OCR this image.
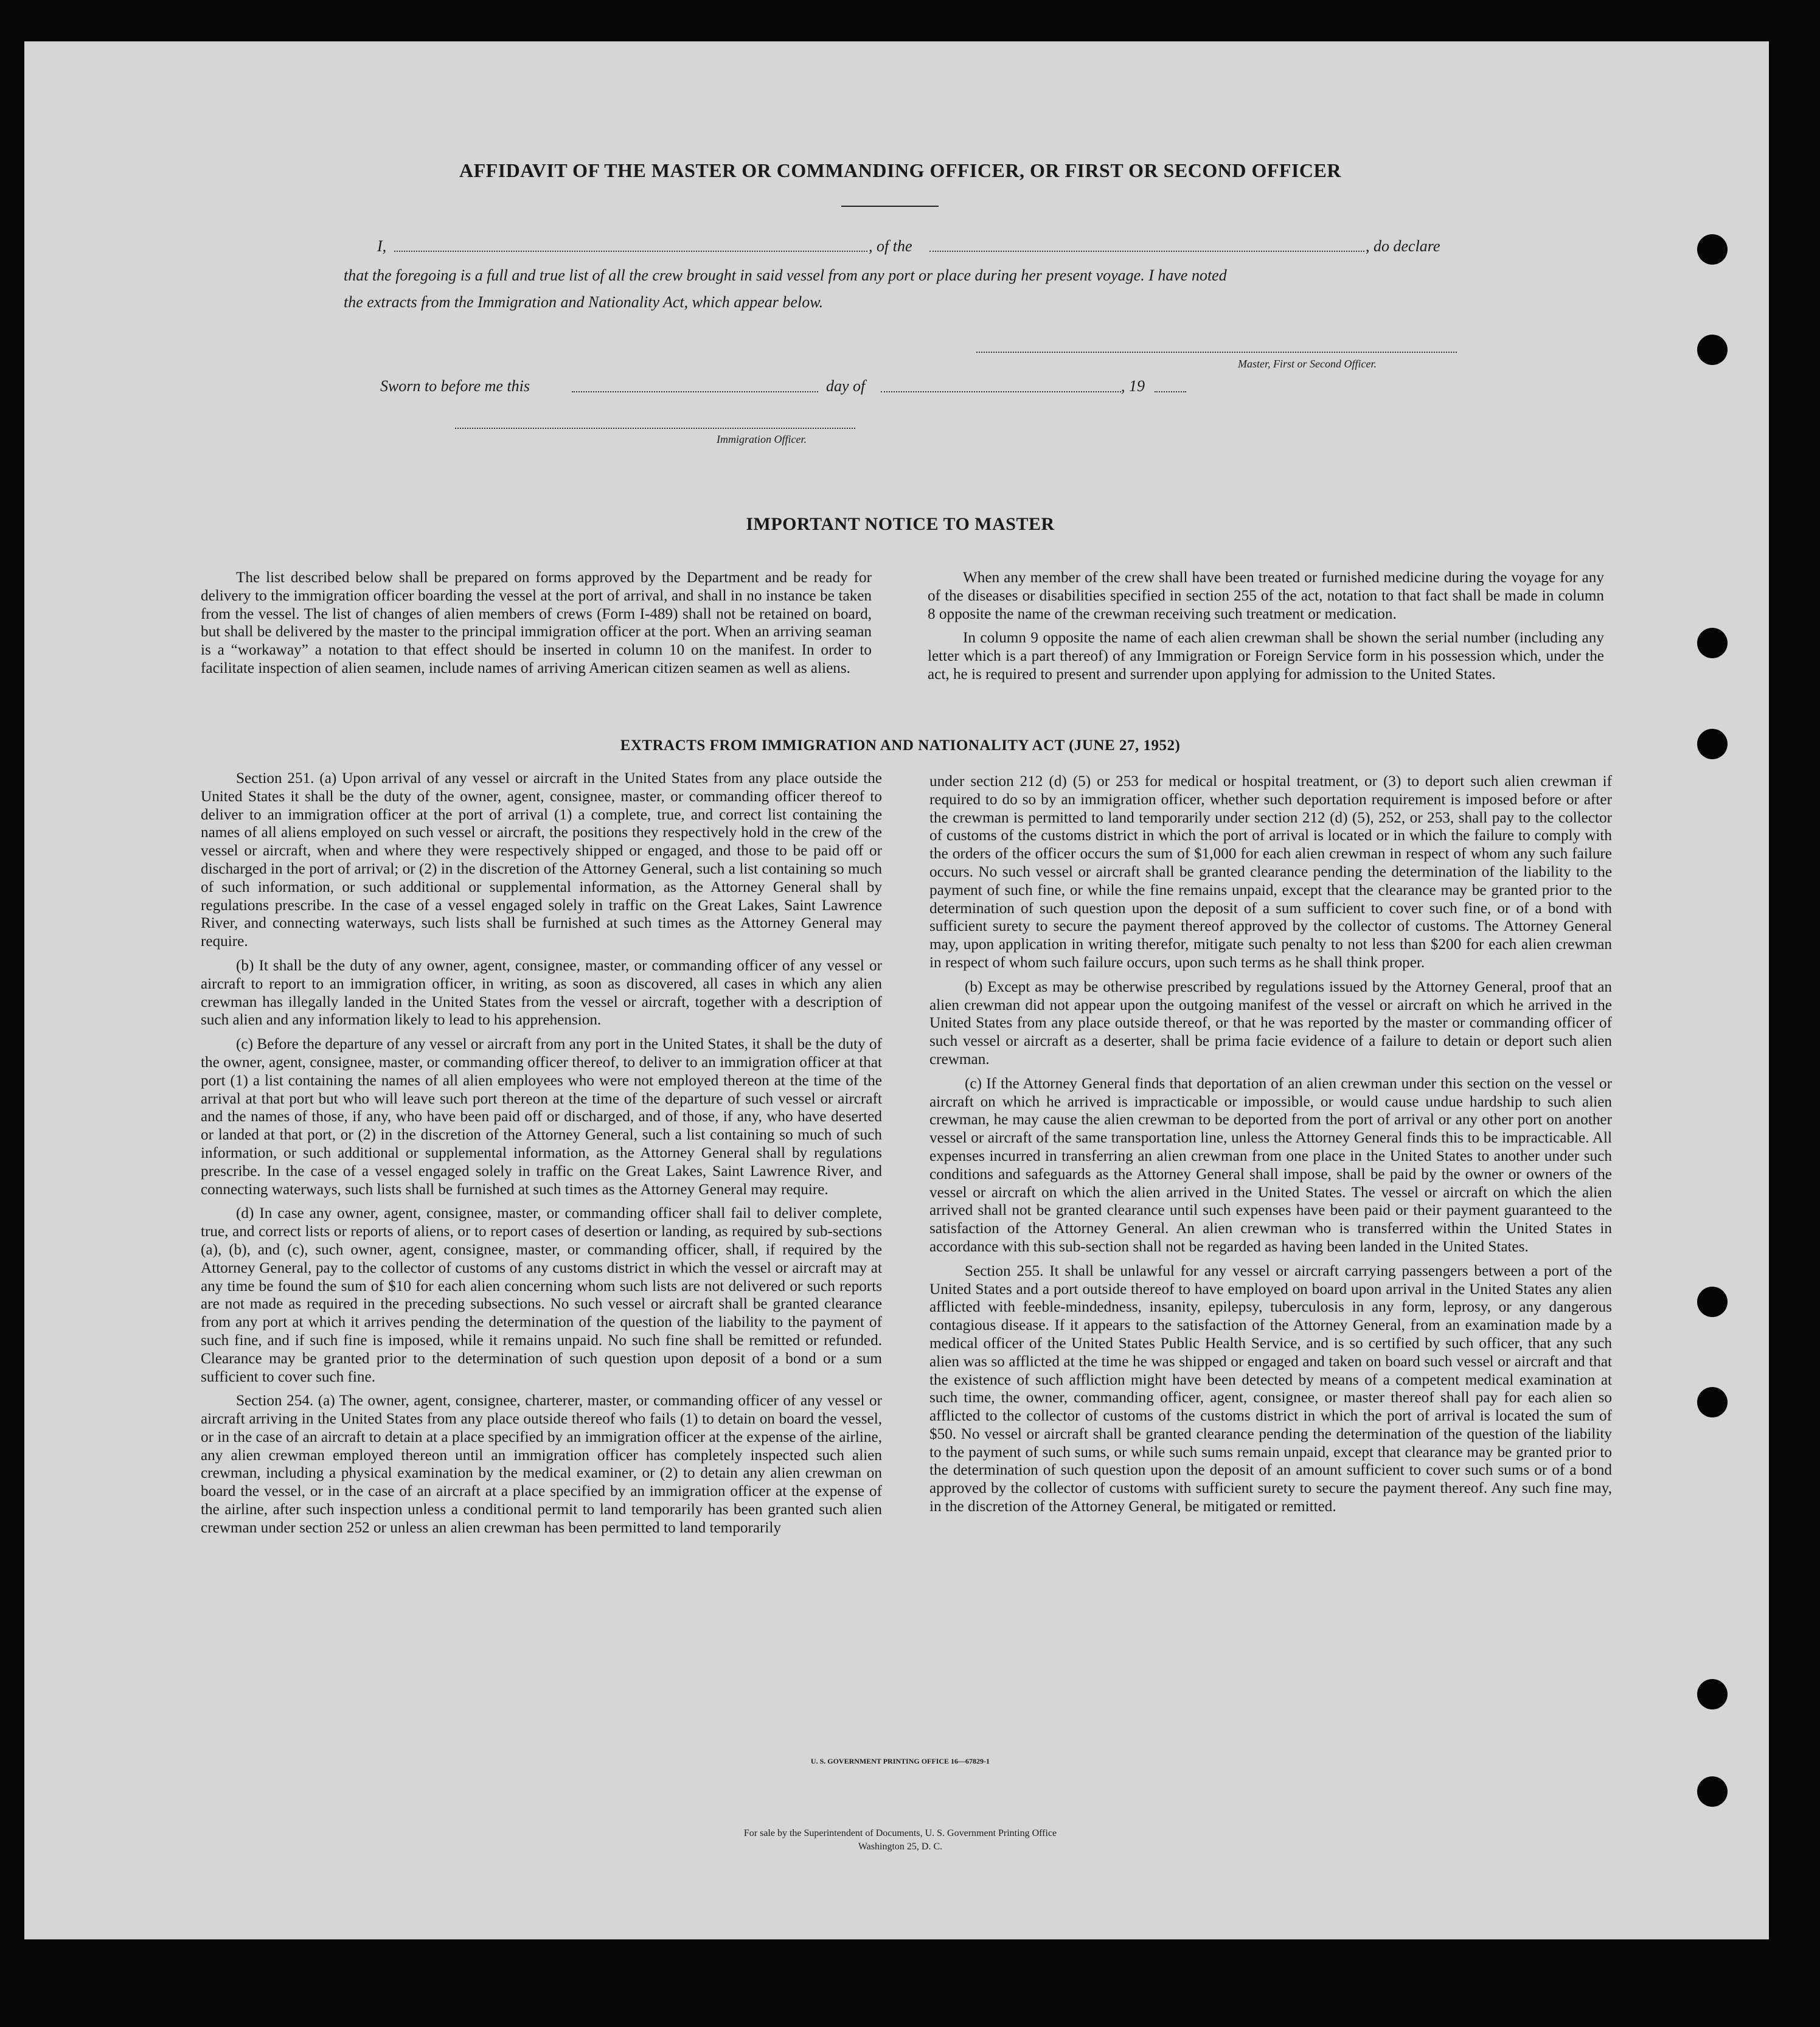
AFFIDAVIT OF THE MASTER OR COMMANDING OFFICER, OR FIRST OR SECOND OFFICER
I,	, of the	, do declare
that the foregoing is a full and true list of all the crew brought in said vessel from any port or place during her present voyage. I have noted
the extracts from the Immigration and Nationality Act, which appear below.
Master, First or Second Officer.
Sworn to before me this	day of	, 19
Immigration Officer.
IMPORTANT NOTICE TO MASTER

The list described below shall be prepared on forms approved by the Department and be ready for delivery to the immigration officer boarding the vessel at the port of arrival, and shall in no instance be taken from the vessel. The list of changes of alien members of crews (Form I-489) shall not be retained on board, but shall be delivered by the master to the principal immigration officer at the port. When an arriving seaman is a “workaway” a notation to that effect should be inserted in column 10 on the manifest. In order to facilitate inspection of alien seamen, include names of arriving American citizen seamen as well as aliens.

When any member of the crew shall have been treated or furnished medicine during the voyage for any of the diseases or disabilities specified in section 255 of the act, notation to that fact shall be made in column 8 opposite the name of the crewman receiving such treatment or medication.

In column 9 opposite the name of each alien crewman shall be shown the serial number (including any letter which is a part thereof) of any Immigration or Foreign Service form in his possession which, under the act, he is required to present and surrender upon applying for admission to the United States.

EXTRACTS FROM IMMIGRATION AND NATIONALITY ACT (JUNE 27, 1952)

Section 251. (a) Upon arrival of any vessel or aircraft in the United States from any place outside the United States it shall be the duty of the owner, agent, consignee, master, or commanding officer thereof to deliver to an immigration officer at the port of arrival (1) a complete, true, and correct list containing the names of all aliens employed on such vessel or aircraft, the positions they respectively hold in the crew of the vessel or aircraft, when and where they were respectively shipped or engaged, and those to be paid off or discharged in the port of arrival; or (2) in the discretion of the Attorney General, such a list containing so much of such information, or such additional or supplemental information, as the Attorney General shall by regulations prescribe. In the case of a vessel engaged solely in traffic on the Great Lakes, Saint Lawrence River, and connecting waterways, such lists shall be furnished at such times as the Attorney General may require.

(b) It shall be the duty of any owner, agent, consignee, master, or commanding officer of any vessel or aircraft to report to an immigration officer, in writing, as soon as discovered, all cases in which any alien crewman has illegally landed in the United States from the vessel or aircraft, together with a description of such alien and any information likely to lead to his apprehension.

(c) Before the departure of any vessel or aircraft from any port in the United States, it shall be the duty of the owner, agent, consignee, master, or commanding officer thereof, to deliver to an immigration officer at that port (1) a list containing the names of all alien employees who were not employed thereon at the time of the arrival at that port but who will leave such port thereon at the time of the departure of such vessel or aircraft and the names of those, if any, who have been paid off or discharged, and of those, if any, who have deserted or landed at that port, or (2) in the discretion of the Attorney General, such a list containing so much of such information, or such additional or supplemental information, as the Attorney General shall by regulations prescribe. In the case of a vessel engaged solely in traffic on the Great Lakes, Saint Lawrence River, and connecting waterways, such lists shall be furnished at such times as the Attorney General may require.

(d) In case any owner, agent, consignee, master, or commanding officer shall fail to deliver complete, true, and correct lists or reports of aliens, or to report cases of desertion or landing, as required by sub-sections (a), (b), and (c), such owner, agent, consignee, master, or commanding officer, shall, if required by the Attorney General, pay to the collector of customs of any customs district in which the vessel or aircraft may at any time be found the sum of $10 for each alien concerning whom such lists are not delivered or such reports are not made as required in the preceding subsections. No such vessel or aircraft shall be granted clearance from any port at which it arrives pending the determination of the question of the liability to the payment of such fine, and if such fine is imposed, while it remains unpaid. No such fine shall be remitted or refunded. Clearance may be granted prior to the determination of such question upon deposit of a bond or a sum sufficient to cover such fine.

Section 254. (a) The owner, agent, consignee, charterer, master, or commanding officer of any vessel or aircraft arriving in the United States from any place outside thereof who fails (1) to detain on board the vessel, or in the case of an aircraft to detain at a place specified by an immigration officer at the expense of the airline, any alien crewman employed thereon until an immigration officer has completely inspected such alien crewman, including a physical examination by the medical examiner, or (2) to detain any alien crewman on board the vessel, or in the case of an aircraft at a place specified by an immigration officer at the expense of the airline, after such inspection unless a conditional permit to land temporarily has been granted such alien crewman under section 252 or unless an alien crewman has been permitted to land temporarily

under section 212 (d) (5) or 253 for medical or hospital treatment, or (3) to deport such alien crewman if required to do so by an immigration officer, whether such deportation requirement is imposed before or after the crewman is permitted to land temporarily under section 212 (d) (5), 252, or 253, shall pay to the collector of customs of the customs district in which the port of arrival is located or in which the failure to comply with the orders of the officer occurs the sum of $1,000 for each alien crewman in respect of whom any such failure occurs. No such vessel or aircraft shall be granted clearance pending the determination of the liability to the payment of such fine, or while the fine remains unpaid, except that the clearance may be granted prior to the determination of such question upon the deposit of a sum sufficient to cover such fine, or of a bond with sufficient surety to secure the payment thereof approved by the collector of customs. The Attorney General may, upon application in writing therefor, mitigate such penalty to not less than $200 for each alien crewman in respect of whom such failure occurs, upon such terms as he shall think proper.

(b) Except as may be otherwise prescribed by regulations issued by the Attorney General, proof that an alien crewman did not appear upon the outgoing manifest of the vessel or aircraft on which he arrived in the United States from any place outside thereof, or that he was reported by the master or commanding officer of such vessel or aircraft as a deserter, shall be prima facie evidence of a failure to detain or deport such alien crewman.

(c) If the Attorney General finds that deportation of an alien crewman under this section on the vessel or aircraft on which he arrived is impracticable or impossible, or would cause undue hardship to such alien crewman, he may cause the alien crewman to be deported from the port of arrival or any other port on another vessel or aircraft of the same transportation line, unless the Attorney General finds this to be impracticable. All expenses incurred in transferring an alien crewman from one place in the United States to another under such conditions and safeguards as the Attorney General shall impose, shall be paid by the owner or owners of the vessel or aircraft on which the alien arrived in the United States. The vessel or aircraft on which the alien arrived shall not be granted clearance until such expenses have been paid or their payment guaranteed to the satisfaction of the Attorney General. An alien crewman who is transferred within the United States in accordance with this sub-section shall not be regarded as having been landed in the United States.

Section 255. It shall be unlawful for any vessel or aircraft carrying passengers between a port of the United States and a port outside thereof to have employed on board upon arrival in the United States any alien afflicted with feeble-mindedness, insanity, epilepsy, tuberculosis in any form, leprosy, or any dangerous contagious disease. If it appears to the satisfaction of the Attorney General, from an examination made by a medical officer of the United States Public Health Service, and is so certified by such officer, that any such alien was so afflicted at the time he was shipped or engaged and taken on board such vessel or aircraft and that the existence of such affliction might have been detected by means of a competent medical examination at such time, the owner, commanding officer, agent, consignee, or master thereof shall pay for each alien so afflicted to the collector of customs of the customs district in which the port of arrival is located the sum of $50. No vessel or aircraft shall be granted clearance pending the determination of the question of the liability to the payment of such sums, or while such sums remain unpaid, except that clearance may be granted prior to the determination of such question upon the deposit of an amount sufficient to cover such sums or of a bond approved by the collector of customs with sufficient surety to secure the payment thereof. Any such fine may, in the discretion of the Attorney General, be mitigated or remitted.

U. S. GOVERNMENT PRINTING OFFICE 16—67829-1
For sale by the Superintendent of Documents, U. S. Government Printing Office
Washington 25, D. C.
